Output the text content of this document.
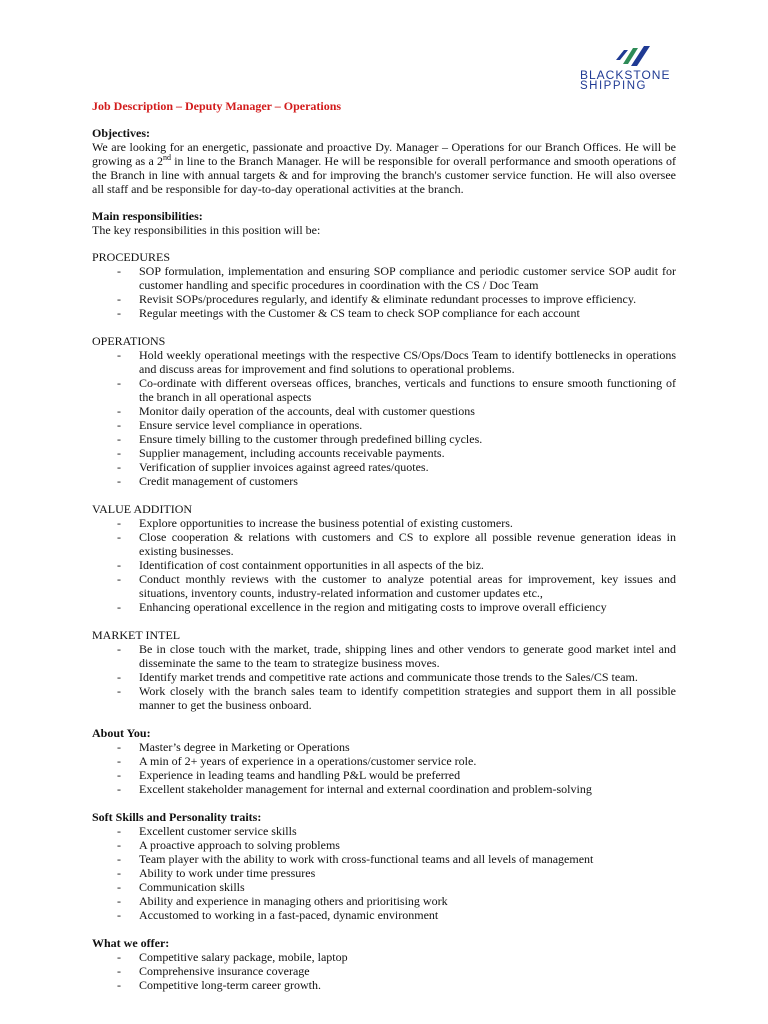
BLACKSTONE
SHIPPING

Job Description – Deputy Manager – Operations

Objectives:

We are looking for an energetic, passionate and proactive Dy. Manager – Operations for our Branch Offices. He will be growing as a 2nd in line to the Branch Manager. He will be responsible for overall performance and smooth operations of the Branch in line with annual targets & and for improving the branch's customer service function. He will also oversee all staff and be responsible for day-to-day operational activities at the branch.

Main responsibilities:

The key responsibilities in this position will be:

PROCEDURES

- SOP formulation, implementation and ensuring SOP compliance and periodic customer service SOP audit for customer handling and specific procedures in coordination with the CS / Doc Team
- Revisit SOPs/procedures regularly, and identify & eliminate redundant processes to improve efficiency.
- Regular meetings with the Customer & CS team to check SOP compliance for each account

OPERATIONS

- Hold weekly operational meetings with the respective CS/Ops/Docs Team to identify bottlenecks in operations and discuss areas for improvement and find solutions to operational problems.
- Co-ordinate with different overseas offices, branches, verticals and functions to ensure smooth functioning of the branch in all operational aspects
- Monitor daily operation of the accounts, deal with customer questions
- Ensure service level compliance in operations.
- Ensure timely billing to the customer through predefined billing cycles.
- Supplier management, including accounts receivable payments.
- Verification of supplier invoices against agreed rates/quotes.
- Credit management of customers

VALUE ADDITION

- Explore opportunities to increase the business potential of existing customers.
- Close cooperation & relations with customers and CS to explore all possible revenue generation ideas in existing businesses.
- Identification of cost containment opportunities in all aspects of the biz.
- Conduct monthly reviews with the customer to analyze potential areas for improvement, key issues and situations, inventory counts, industry-related information and customer updates etc.,
- Enhancing operational excellence in the region and mitigating costs to improve overall efficiency

MARKET INTEL

- Be in close touch with the market, trade, shipping lines and other vendors to generate good market intel and disseminate the same to the team to strategize business moves.
- Identify market trends and competitive rate actions and communicate those trends to the Sales/CS team.
- Work closely with the branch sales team to identify competition strategies and support them in all possible manner to get the business onboard.

About You:

- Master’s degree in Marketing or Operations
- A min of 2+ years of experience in a operations/customer service role.
- Experience in leading teams and handling P&L would be preferred
- Excellent stakeholder management for internal and external coordination and problem-solving

Soft Skills and Personality traits:

- Excellent customer service skills
- A proactive approach to solving problems
- Team player with the ability to work with cross-functional teams and all levels of management
- Ability to work under time pressures
- Communication skills
- Ability and experience in managing others and prioritising work
- Accustomed to working in a fast-paced, dynamic environment

What we offer:

- Competitive salary package, mobile, laptop
- Comprehensive insurance coverage
- Competitive long-term career growth.
